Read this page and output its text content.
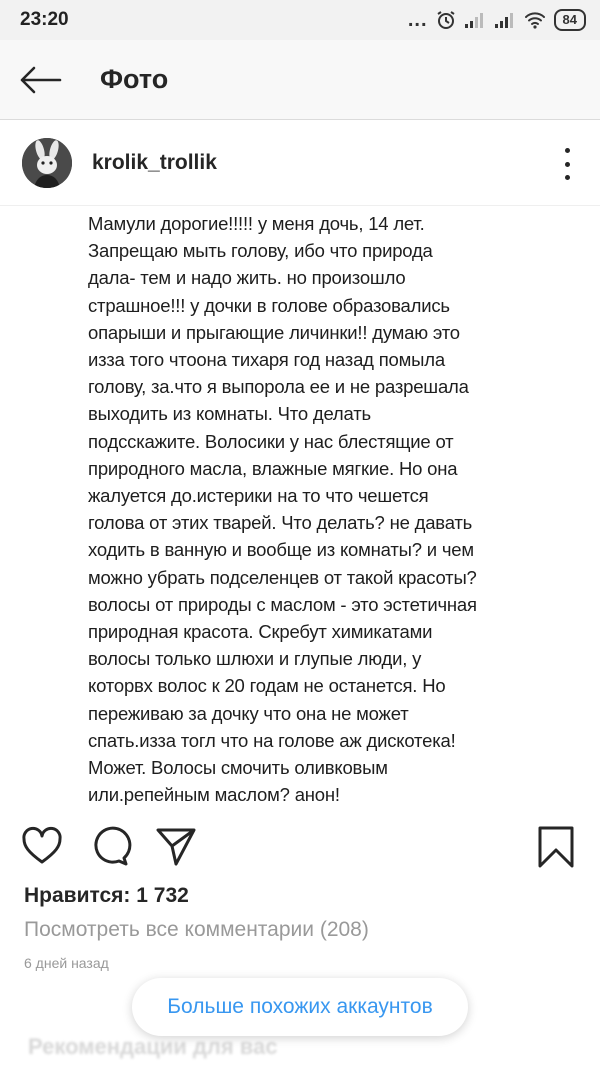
23:20	...	84
Фото
krolik_trollik
Мамули дорогие!!!!! у меня дочь, 14 лет.
Запрещаю мыть голову, ибо что природа
дала- тем и надо жить. но произошло
страшное!!! у дочки в голове образовались
опарыши и прыгающие личинки!! думаю это
изза того чтоона тихаря год назад помыла
голову, за.что я выпорола ее и не разрешала
выходить из комнаты. Что делать
подсскажите. Волосики у нас блестящие от
природного масла, влажные мягкие. Но она
жалуется до.истерики на то что чешется
голова от этих тварей. Что делать? не давать
ходить в ванную и вообще из комнаты? и чем
можно убрать подселенцев от такой красоты?
волосы от природы с маслом - это эстетичная
природная красота. Скребут химикатами
волосы только шлюхи и глупые люди, у
которвх волос к 20 годам не останется. Но
переживаю за дочку что она не может
спать.изза тогл что на голове аж дискотека!
Может. Волосы смочить оливковым
или.репейным маслом? анон!
Нравится: 1 732
Посмотреть все комментарии (208)
6 дней назад
Больше похожих аккаунтов
Рекомендации для вас
